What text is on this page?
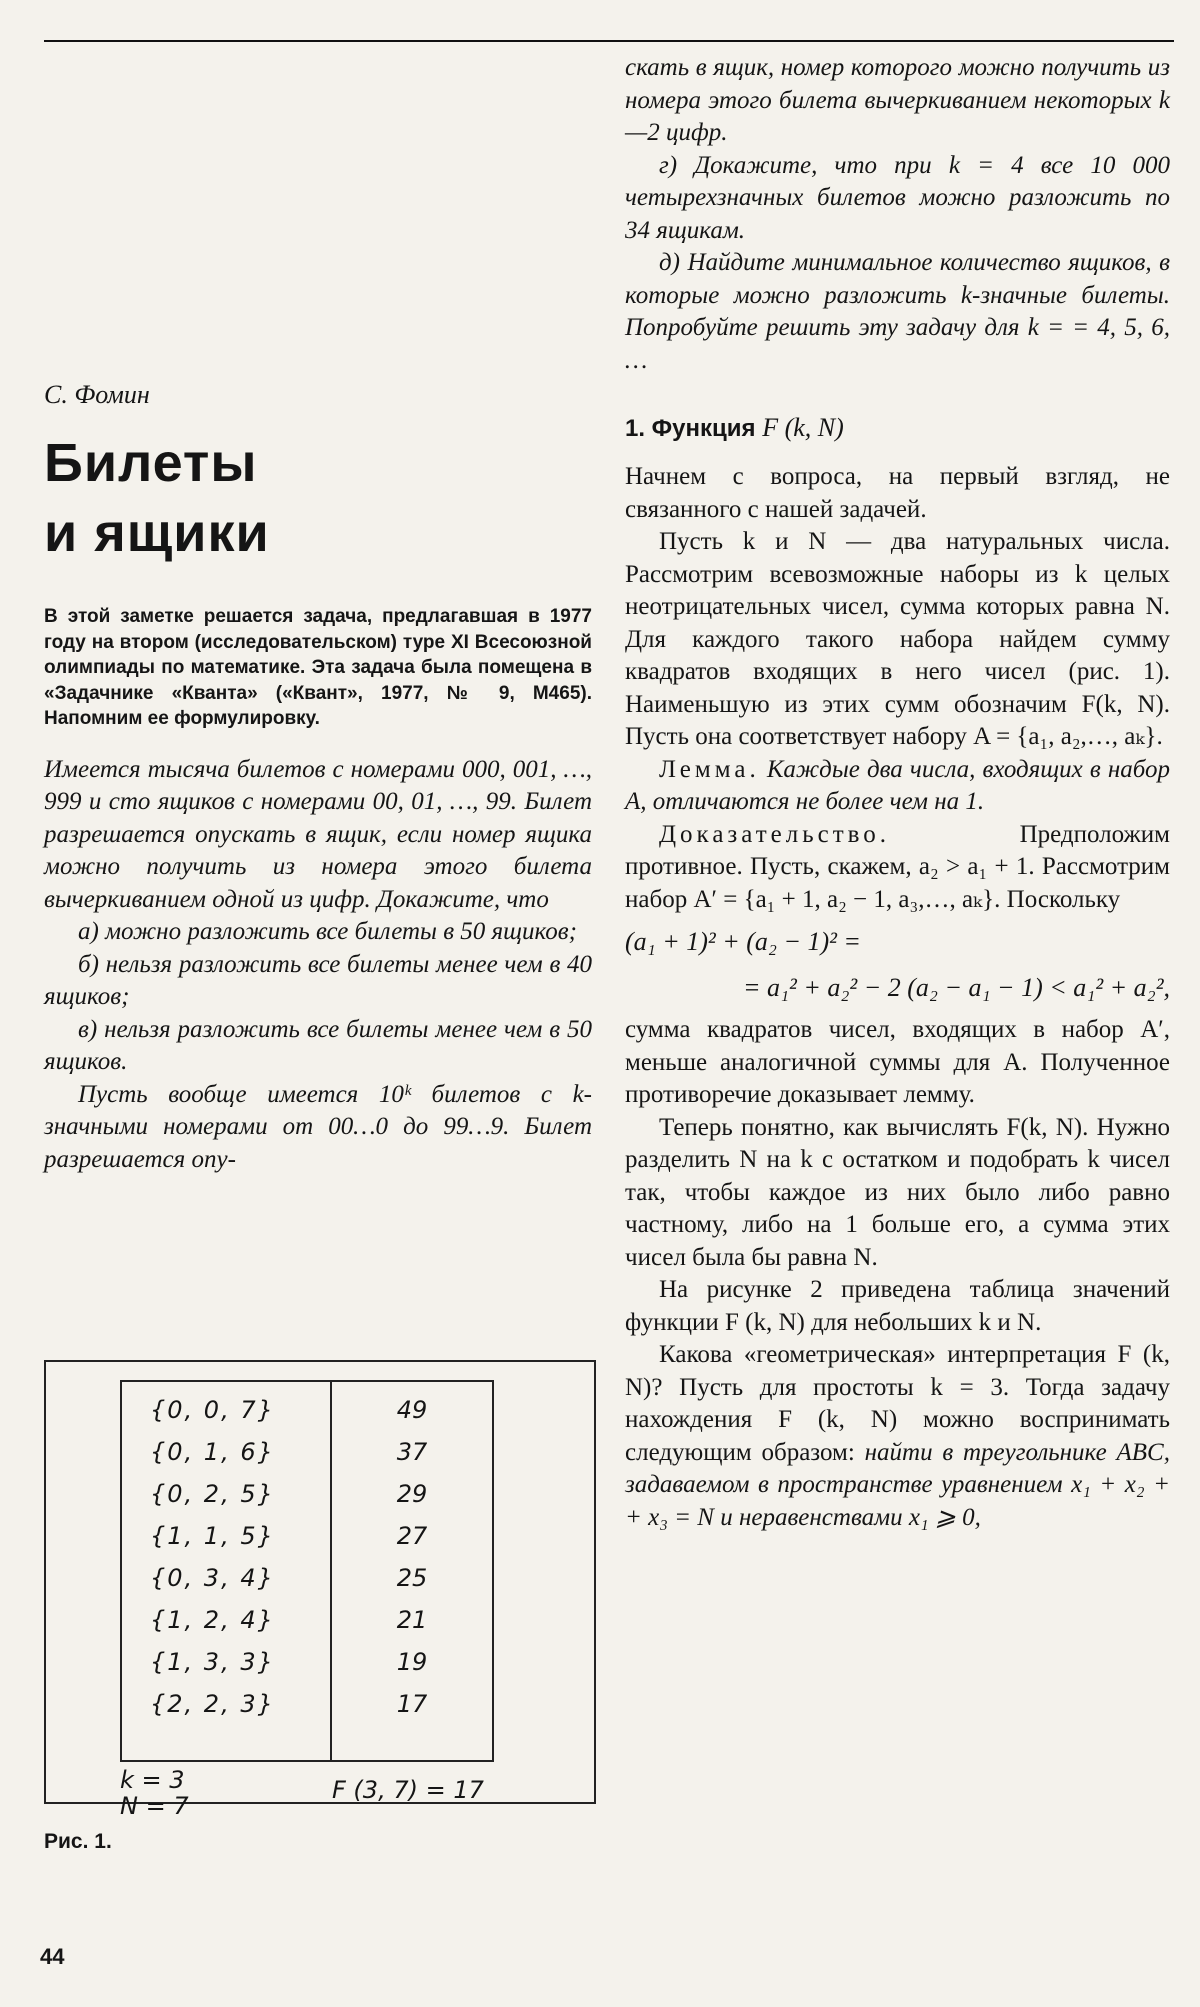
С. Фомин

Билеты
и ящики

В этой заметке решается задача, предлагавшая в 1977 году на втором (исследовательском) туре XI Всесоюзной олимпиады по математике. Эта задача была помещена в «Задачнике «Кванта» («Квант», 1977, № 9, М465). Напомним ее формулировку.

Имеется тысяча билетов с номерами 000, 001, …, 999 и сто ящиков с номерами 00, 01, …, 99. Билет разрешается опускать в ящик, если номер ящика можно получить из номера этого билета вычеркиванием одной из цифр. Докажите, что

а) можно разложить все билеты в 50 ящиков;

б) нельзя разложить все билеты менее чем в 40 ящиков;

в) нельзя разложить все билеты менее чем в 50 ящиков.

Пусть вообще имеется 10ᵏ билетов с k-значными номерами от 00…0 до 99…9. Билет разрешается опу-

{0, 0, 7}	49
{0, 1, 6}	37
{0, 2, 5}	29
{1, 1, 5}	27
{0, 3, 4}	25
{1, 2, 4}	21
{1, 3, 3}	19
{2, 2, 3}	17
k = 3
N = 7
F (3, 7) = 17
Рис. 1.

скать в ящик, номер которого можно получить из номера этого билета вычеркиванием некоторых k—2 цифр.

г) Докажите, что при k = 4 все 10 000 четырехзначных билетов можно разложить по 34 ящикам.

д) Найдите минимальное количество ящиков, в которые можно разложить k-значные билеты. Попробуйте решить эту задачу для k = = 4, 5, 6, …

1. Функция F (k, N)

Начнем с вопроса, на первый взгляд, не связанного с нашей задачей.

Пусть k и N — два натуральных числа. Рассмотрим всевозможные наборы из k целых неотрицательных чисел, сумма которых равна N. Для каждого такого набора найдем сумму квадратов входящих в него чисел (рис. 1). Наименьшую из этих сумм обозначим F(k, N). Пусть она соответствует набору A = {a₁, a₂,…, aₖ}.

Лемма. Каждые два числа, входящих в набор A, отличаются не более чем на 1.

Доказательство.	Предположим противное. Пусть, скажем, a₂ > a₁ + 1. Рассмотрим набор A′ = {a₁ + 1, a₂ − 1, a₃,…, aₖ}. Поскольку

(a₁ + 1)² + (a₂ − 1)² =
= a₁² + a₂² − 2 (a₂ − a₁ − 1) < a₁² + a₂²,

сумма квадратов чисел, входящих в набор A′, меньше аналогичной суммы для A. Полученное противоречие доказывает лемму.

Теперь понятно, как вычислять F(k, N). Нужно разделить N на k с остатком и подобрать k чисел так, чтобы каждое из них было либо равно частному, либо на 1 больше его, а сумма этих чисел была бы равна N.

На рисунке 2 приведена таблица значений функции F (k, N) для небольших k и N.

Какова «геометрическая» интерпретация F (k, N)? Пусть для простоты k = 3. Тогда задачу нахождения F (k, N) можно воспринимать следующим образом: найти в треугольнике ABC, задаваемом в пространстве уравнением x₁ + x₂ + + x₃ = N и неравенствами x₁ ⩾ 0,

44
